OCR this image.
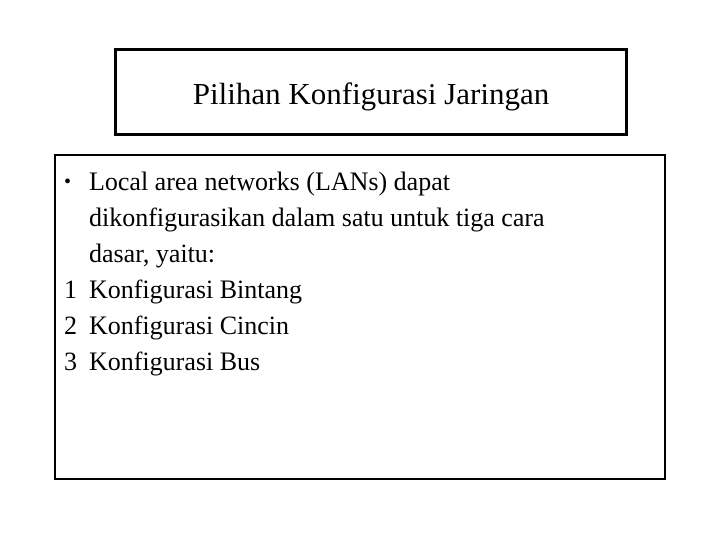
Pilihan Konfigurasi Jaringan
• Local area networks (LANs) dapat
dikonfigurasikan dalam satu untuk tiga cara
dasar, yaitu:
1 Konfigurasi Bintang
2 Konfigurasi Cincin
3 Konfigurasi Bus
